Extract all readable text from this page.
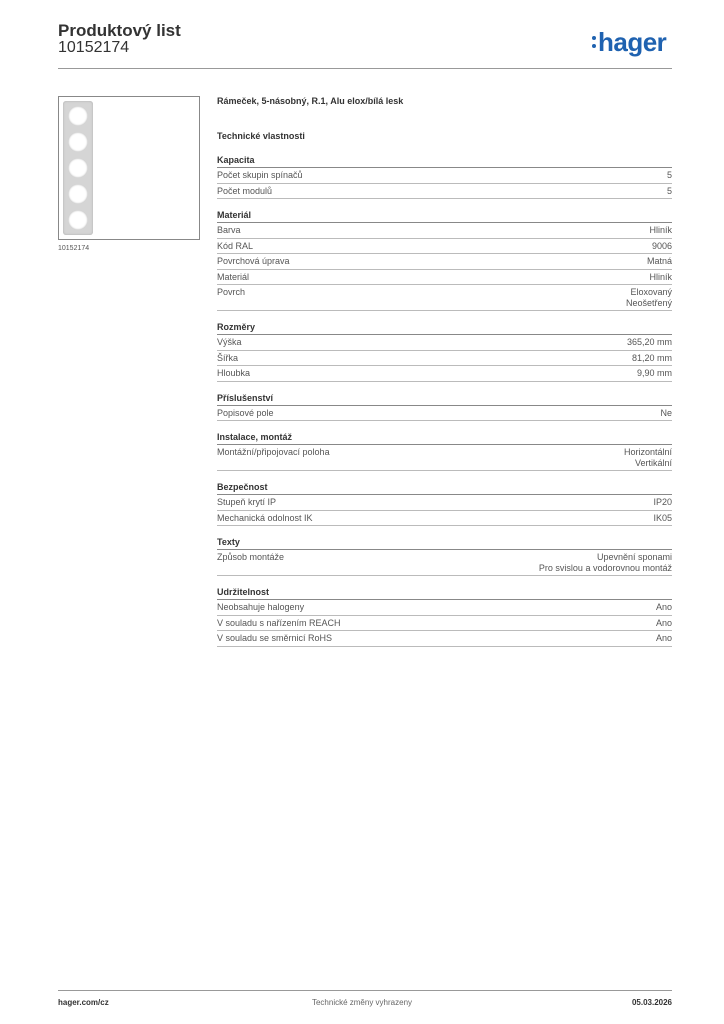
Produktový list
10152174	hager
10152174
Rámeček, 5-násobný, R.1, Alu elox/bílá lesk
Technické vlastnosti
Kapacita
Počet skupin spínačů	5
Počet modulů	5
Materiál
Barva	Hliník
Kód RAL	9006
Povrchová úprava	Matná
Materiál	Hliník
Povrch	Eloxovaný
Neošetřený
Rozměry
Výška	365,20 mm
Šířka	81,20 mm
Hloubka	9,90 mm
Příslušenství
Popisové pole	Ne
Instalace, montáž
Montážní/připojovací poloha	Horizontální
Vertikální
Bezpečnost
Stupeň krytí IP	IP20
Mechanická odolnost IK	IK05
Texty
Způsob montáže	Upevnění sponami
Pro svislou a vodorovnou montáž
Udržitelnost
Neobsahuje halogeny	Ano
V souladu s nařízením REACH	Ano
V souladu se směrnicí RoHS	Ano
hager.com/cz	Technické změny vyhrazeny	05.03.2026
